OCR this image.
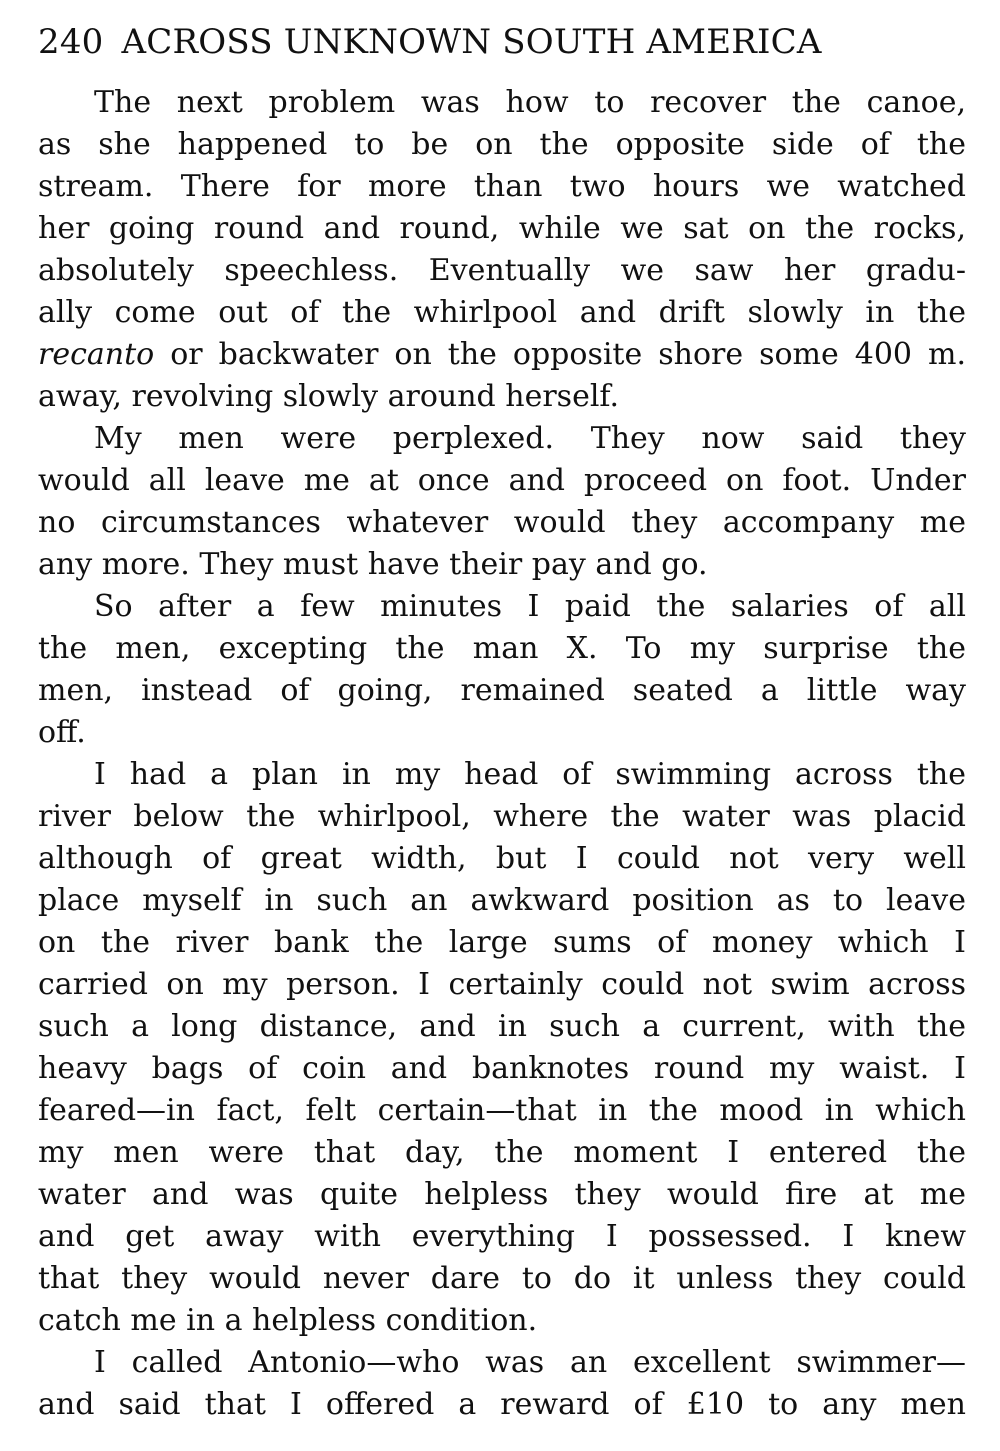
240 ACROSS UNKNOWN SOUTH AMERICA
The next problem was how to recover the canoe,
as she happened to be on the opposite side of the
stream. There for more than two hours we watched
her going round and round, while we sat on the rocks,
absolutely speechless. Eventually we saw her gradu-
ally come out of the whirlpool and drift slowly in the
recanto or backwater on the opposite shore some 400 m.
away, revolving slowly around herself.
My men were perplexed. They now said they
would all leave me at once and proceed on foot. Under
no circumstances whatever would they accompany me
any more. They must have their pay and go.
So after a few minutes I paid the salaries of all
the men, excepting the man X. To my surprise the
men, instead of going, remained seated a little way
off.
I had a plan in my head of swimming across the
river below the whirlpool, where the water was placid
although of great width, but I could not very well
place myself in such an awkward position as to leave
on the river bank the large sums of money which I
carried on my person. I certainly could not swim across
such a long distance, and in such a current, with the
heavy bags of coin and banknotes round my waist. I
feared—in fact, felt certain—that in the mood in which
my men were that day, the moment I entered the
water and was quite helpless they would fire at me
and get away with everything I possessed. I knew
that they would never dare to do it unless they could
catch me in a helpless condition.
I called Antonio—who was an excellent swimmer—
and said that I offered a reward of £10 to any men
